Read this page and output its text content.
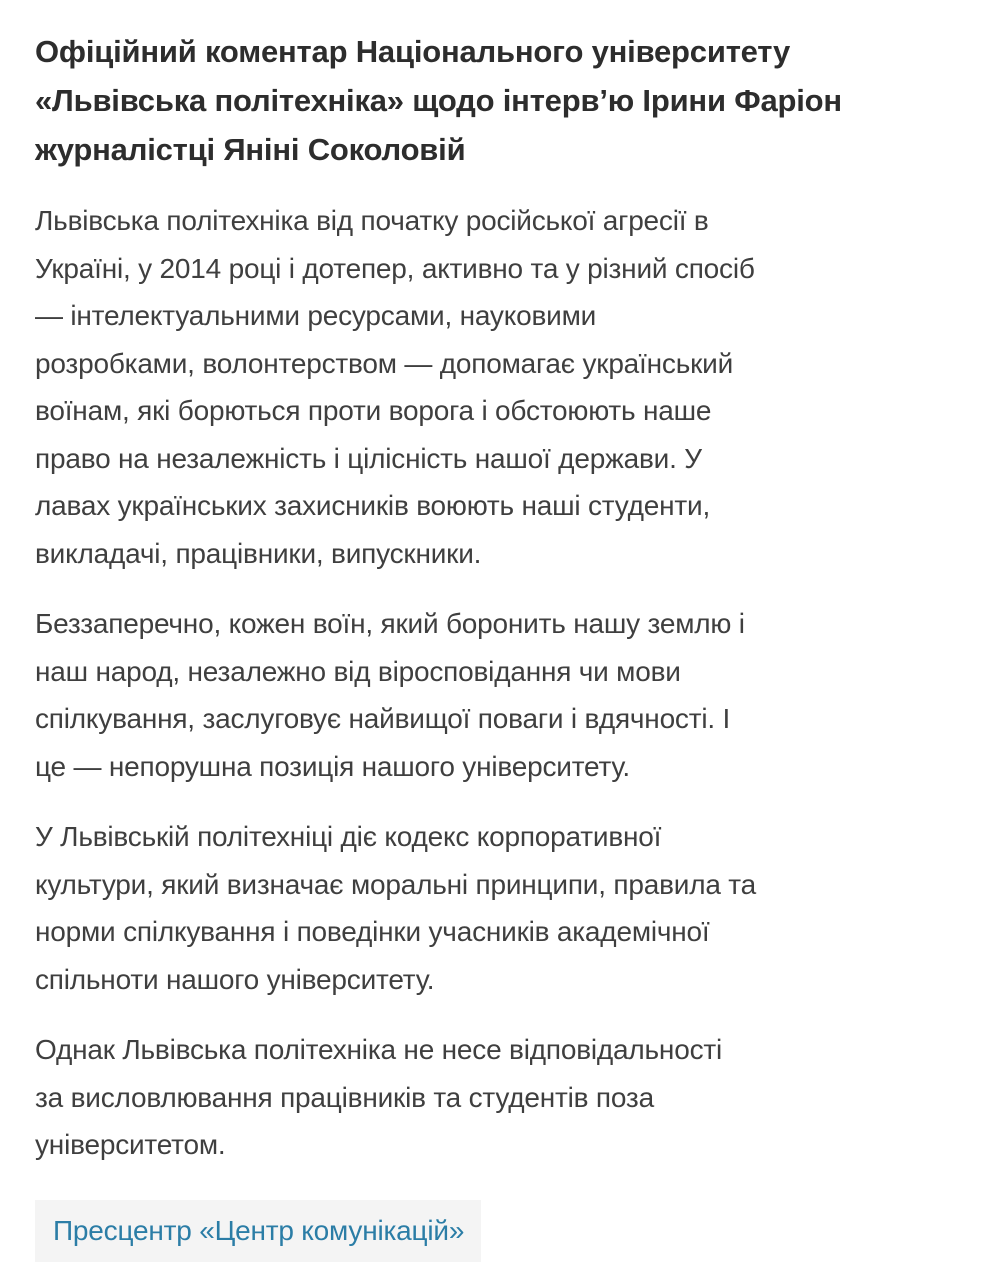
Офіційний коментар Національного університету
«Львівська політехніка» щодо інтерв’ю Ірини Фаріон
журналістці Яніні Соколовій
Львівська політехніка від початку російської агресії в
Україні, у 2014 році і дотепер, активно та у різний спосіб
— інтелектуальними ресурсами, науковими
розробками, волонтерством — допомагає український
воїнам, які борються проти ворога і обстоюють наше
право на незалежність і цілісність нашої держави. У
лавах українських захисників воюють наші студенти,
викладачі, працівники, випускники.
Беззаперечно, кожен воїн, який боронить нашу землю і
наш народ, незалежно від віросповідання чи мови
спілкування, заслуговує найвищої поваги і вдячності. І
це — непорушна позиція нашого університету.
У Львівській політехніці діє кодекс корпоративної
культури, який визначає моральні принципи, правила та
норми спілкування і поведінки учасників академічної
спільноти нашого університету.
Однак Львівська політехніка не несе відповідальності
за висловлювання працівників та студентів поза
університетом.
Пресцентр «Центр комунікацій»
